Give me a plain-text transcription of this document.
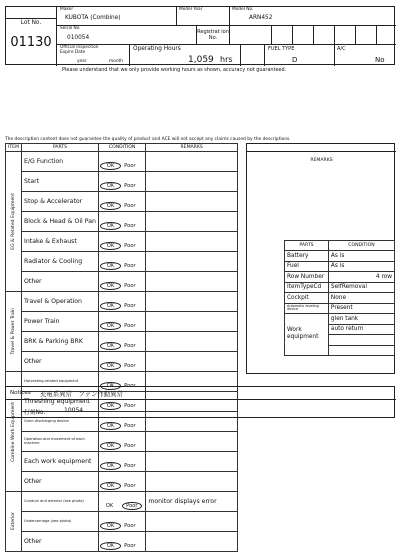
Lot No.
01130
Maker
KUBOTA (Combine)
Model Year	Model No.
ARN452
Serial No.
010054
Registrat ion No.
Official Inspection Expire Date
year	month
Operating Hours
1,059 hrs
FUEL TYPE
D
A/C
No
Please understand that we only provide working hours as shown, accuracy not guaranteed.
The description content does not guarantee the quality of product and ACE will not accept any claims caused by the descriptions.
ITEM	PARTS	CONDITION	REMARKS

EG & Related Equipment	E/G Function	OK Poor	
	Start	OK Poor	
	Stop & Accelerator	OK Poor	
	Block & Head & Oil Pan	OK Poor	
	Intake & Exhaust	OK Poor	
	Radiator & Cooling	OK Poor	
	Other	OK Poor	

Travel & Power Train	Travel & Operation	OK Poor	
	Power Train	OK Poor	
	BRK & Parking BRK	OK Poor	
	Other	OK Poor	

Combine Work Equipment	Harvesting-related equipment	OK Poor	
	Threshing equipment	OK Poor	
	Grain discharging device	OK Poor	
	Operation and movement of each machine	OK Poor	
	Each work equipment	OK Poor	
	Other	OK Poor	

Exterior	Conduct and exterior (see photo)	OK Poor	monitor displays error
	Undercarriage (see photo)	OK Poor	
	Other	OK Poor	
REMARKS
PARTS	CONDITION
Battery	As is
Fuel	As is
Row Number	4 row
ItemTypeCd	SelfRemoval
Cockpit	None
Automatic leveling device	Present
Work equipment	glen tank
	auto return

Notices 充電系異常　ファン作動異常
打刻No.	10054
